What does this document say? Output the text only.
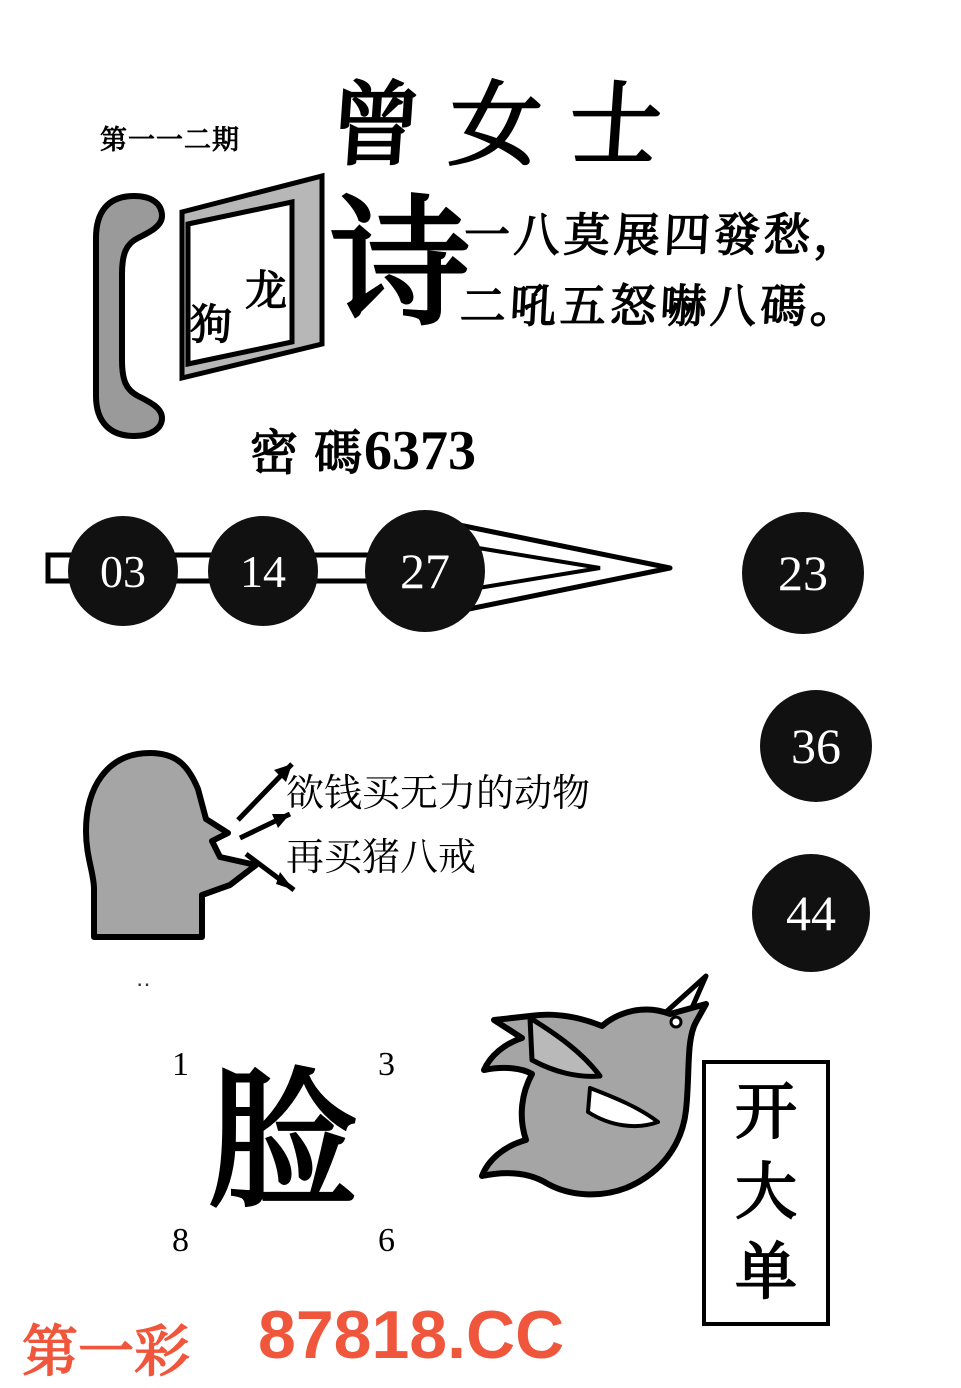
第一一二期 曾女士
龙
狗 诗
一八莫展四發愁，
二吼五怒嚇八碼。
密 碼6373
03	14	27	23
36
44
欲钱买无力的动物
再买猪八戒
‥
1	3
8	6
脸	开
大
单
第一彩 87818.CC
